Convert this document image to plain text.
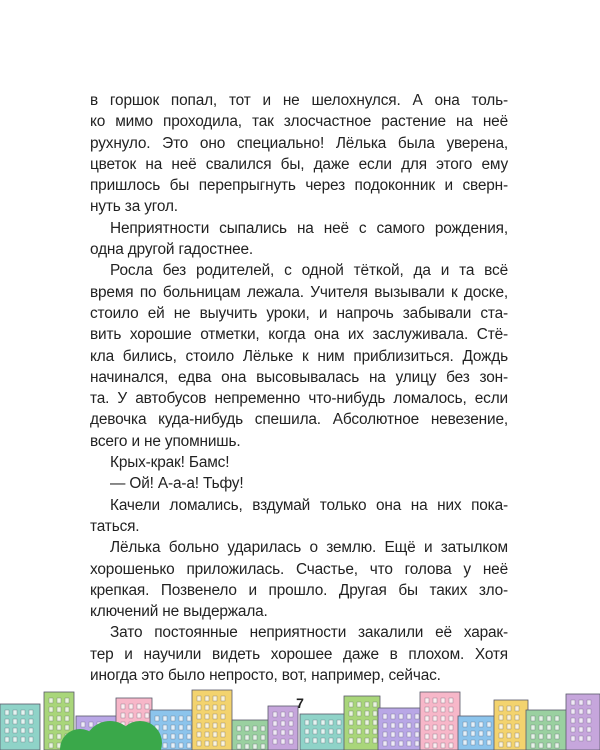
в горшок попал, тот и не шелохнулся. А она толь-
ко мимо проходила, так злосчастное растение на неё
рухнуло. Это оно специально! Лёлька была уверена,
цветок на неё свалился бы, даже если для этого ему
пришлось бы перепрыгнуть через подоконник и сверн-
нуть за угол.
Неприятности сыпались на неё с самого рождения,
одна другой гадостнее.
Росла без родителей, с одной тёткой, да и та всё
время по больницам лежала. Учителя вызывали к доске,
стоило ей не выучить уроки, и напрочь забывали ста-
вить хорошие отметки, когда она их заслуживала. Стё-
кла бились, стоило Лёльке к ним приблизиться. Дождь
начинался, едва она высовывалась на улицу без зон-
та. У автобусов непременно что-нибудь ломалось, если
девочка куда-нибудь спешила. Абсолютное невезение,
всего и не упомнишь.
Крых-крак! Бамс!
— Ой! А-а-а! Тьфу!
Качели ломались, вздумай только она на них пока-
таться.
Лёлька больно ударилась о землю. Ещё и затылком
хорошенько приложилась. Счастье, что голова у неё
крепкая. Позвенело и прошло. Другая бы таких зло-
ключений не выдержала.
Зато постоянные неприятности закалили её харак-
тер и научили видеть хорошее даже в плохом. Хотя
иногда это было непросто, вот, например, сейчас.
7
